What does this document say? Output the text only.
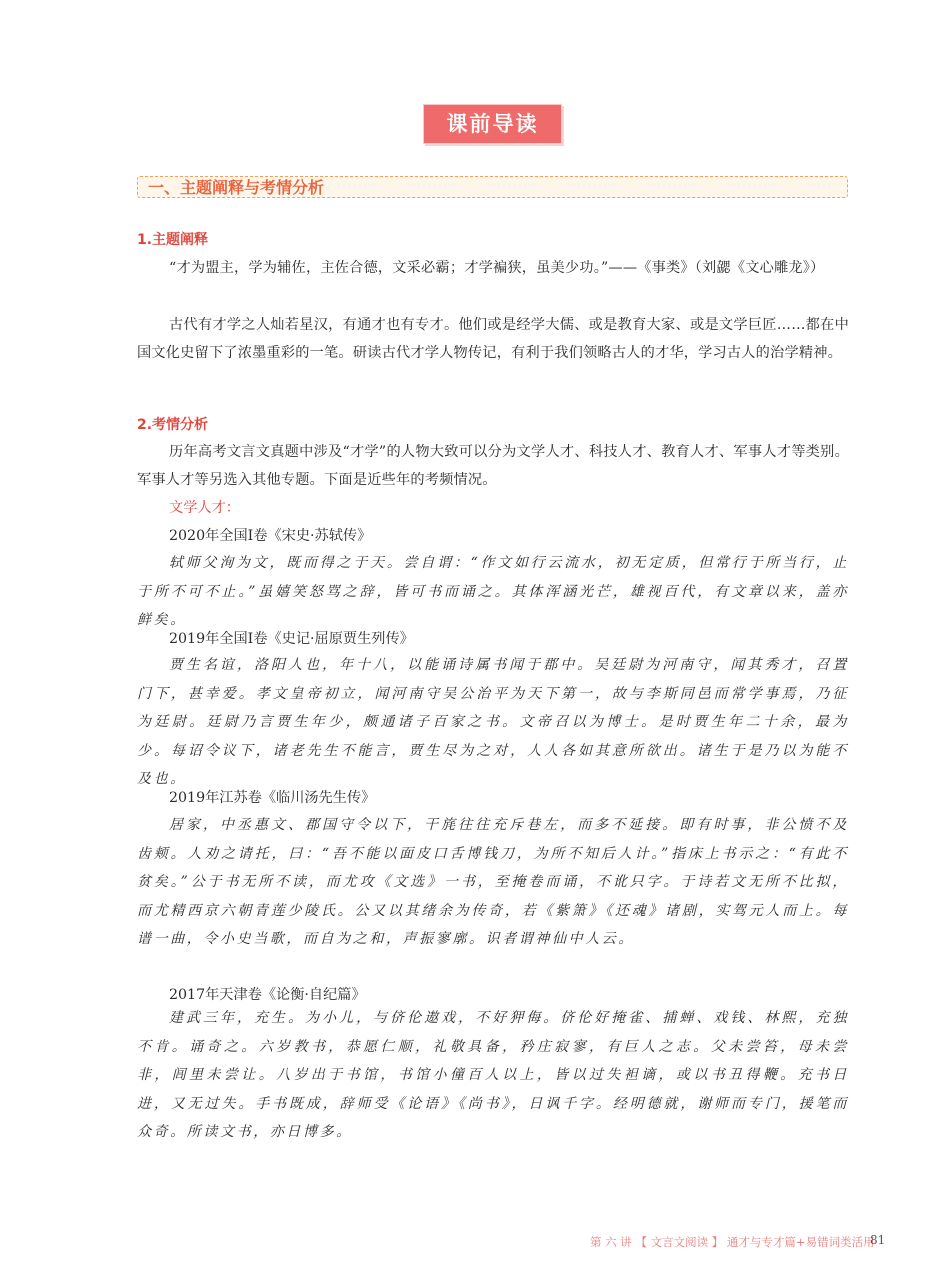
课前导读
一、主题阐释与考情分析
1.主题阐释

“才为盟主，学为辅佐，主佐合德，文采必霸；才学褊狭，虽美少功。”——《事类》（刘勰《文心雕龙》）

古代有才学之人灿若星汉，有通才也有专才。他们或是经学大儒、或是教育大家、或是文学巨匠……都在中国文化史留下了浓墨重彩的一笔。研读古代才学人物传记，有利于我们领略古人的才华，学习古人的治学精神。

2.考情分析

历年高考文言文真题中涉及“才学”的人物大致可以分为文学人才、科技人才、教育人才、军事人才等类别。军事人才等另选入其他专题。下面是近些年的考频情况。

文学人才：
2020年全国Ⅰ卷《宋史·苏轼传》

轼师父洵为文，既而得之于天。尝自谓：“作文如行云流水，初无定质，但常行于所当行，止于所不可不止。”虽嬉笑怒骂之辞，皆可书而诵之。其体浑涵光芒，雄视百代，有文章以来，盖亦鲜矣。

2019年全国Ⅰ卷《史记·屈原贾生列传》

贾生名谊，洛阳人也，年十八，以能诵诗属书闻于郡中。吴廷尉为河南守，闻其秀才，召置门下，甚幸爱。孝文皇帝初立，闻河南守吴公治平为天下第一，故与李斯同邑而常学事焉，乃征为廷尉。廷尉乃言贾生年少，颇通诸子百家之书。文帝召以为博士。是时贾生年二十余，最为少。每诏令议下，诸老先生不能言，贾生尽为之对，人人各如其意所欲出。诸生于是乃以为能不及也。

2019年江苏卷《临川汤先生传》

居家，中丞惠文、郡国守令以下，干旄往往充斥巷左，而多不延接。即有时事，非公愤不及齿颊。人劝之请托，曰：“吾不能以面皮口舌博钱刀，为所不知后人计。”指床上书示之：“有此不贫矣。”公于书无所不读，而尤攻《文选》一书，至掩卷而诵，不讹只字。于诗若文无所不比拟，而尤精西京六朝青莲少陵氏。公又以其绪余为传奇，若《紫箫》《还魂》诸剧，实驾元人而上。每谱一曲，令小史当歌，而自为之和，声振寥廓。识者谓神仙中人云。

2017年天津卷《论衡·自纪篇》

建武三年，充生。为小儿，与侪伦遨戏，不好狎侮。侪伦好掩雀、捕蝉、戏钱、林熙，充独不肯。诵奇之。六岁教书，恭愿仁顺，礼敬具备，矜庄寂寥，有巨人之志。父未尝笞，母未尝非，闾里未尝让。八岁出于书馆，书馆小僮百人以上，皆以过失袒谪，或以书丑得鞭。充书日进，又无过失。手书既成，辞师受《论语》《尚书》，日讽千字。经明德就，谢师而专门，援笔而众奇。所读文书，亦日博多。

第 六 讲 【 文言文阅读 】 通才与专才篇+易错词类活用
81
